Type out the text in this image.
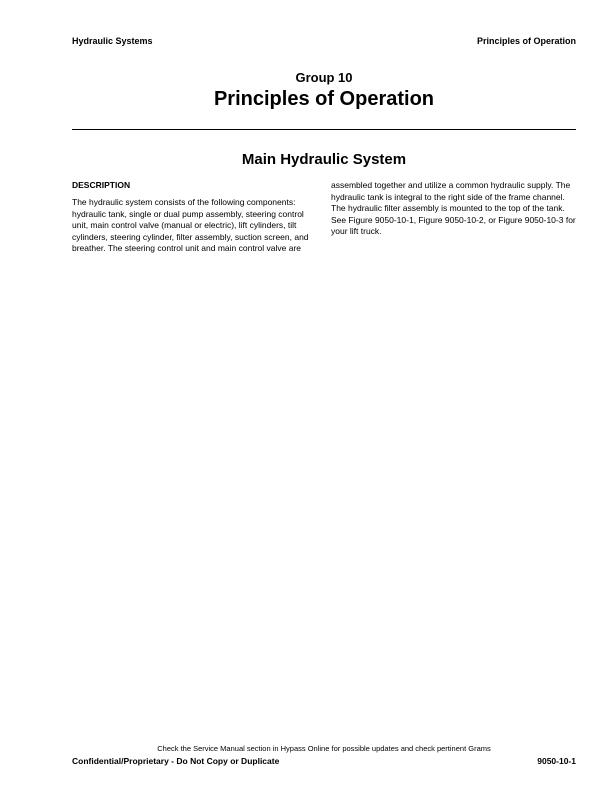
Hydraulic Systems	Principles of Operation
Group 10
Principles of Operation
Main Hydraulic System

DESCRIPTION

The hydraulic system consists of the following components: hydraulic tank, single or dual pump assembly, steering control unit, main control valve (manual or electric), lift cylinders, tilt cylinders, steering cylinder, filter assembly, suction screen, and breather. The steering control unit and main control valve are

assembled together and utilize a common hydraulic supply. The hydraulic tank is integral to the right side of the frame channel. The hydraulic filter assembly is mounted to the top of the tank. See Figure 9050-10-1, Figure 9050-10-2, or Figure 9050-10-3 for your lift truck.

Check the Service Manual section in Hypass Online for possible updates and check pertinent Grams
Confidential/Proprietary - Do Not Copy or Duplicate	9050-10-1
